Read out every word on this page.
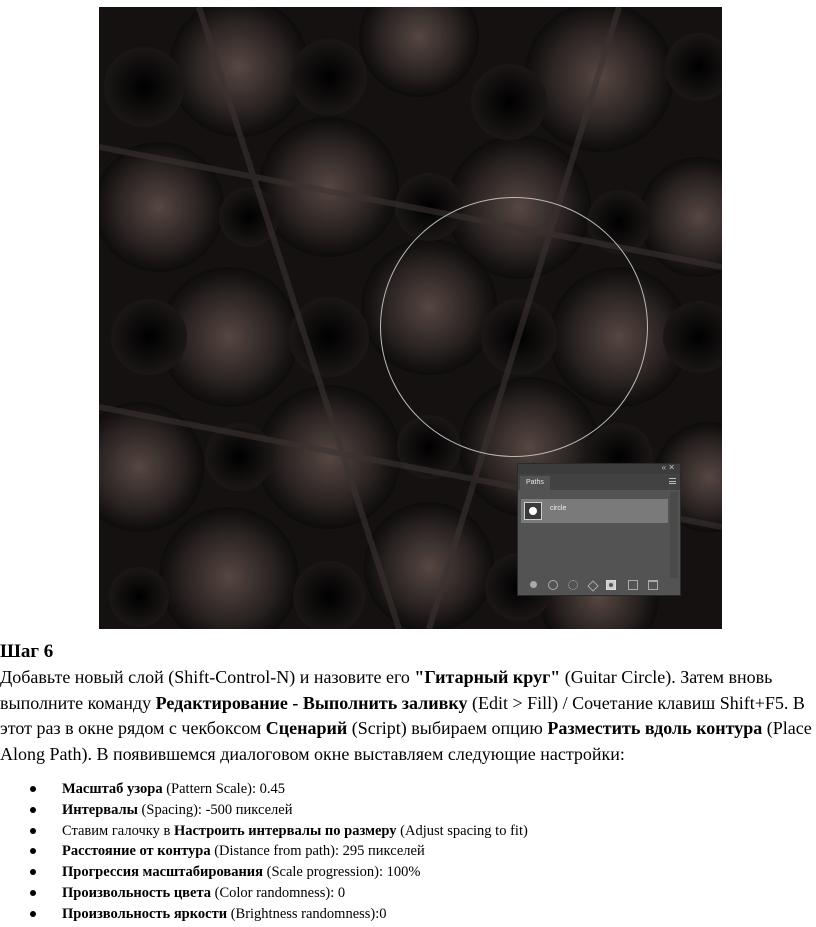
« ✕
Paths
circle
Шаг 6

Добавьте новый слой (Shift-Control-N) и назовите его "Гитарный круг" (Guitar Circle). Затем вновь выполните команду Редактирование - Выполнить заливку (Edit > Fill) / Сочетание клавиш Shift+F5. В этот раз в окне рядом с чекбоксом Сценарий (Script) выбираем опцию Разместить вдоль контура (Place Along Path). В появившемся диалоговом окне выставляем следующие настройки:

Масштаб узора (Pattern Scale): 0.45
Интервалы (Spacing): -500 пикселей
Ставим галочку в Настроить интервалы по размеру (Adjust spacing to fit)
Расстояние от контура (Distance from path): 295 пикселей
Прогрессия масштабирования (Scale progression): 100%
Произвольность цвета (Color randomness): 0
Произвольность яркости (Brightness randomness):0
